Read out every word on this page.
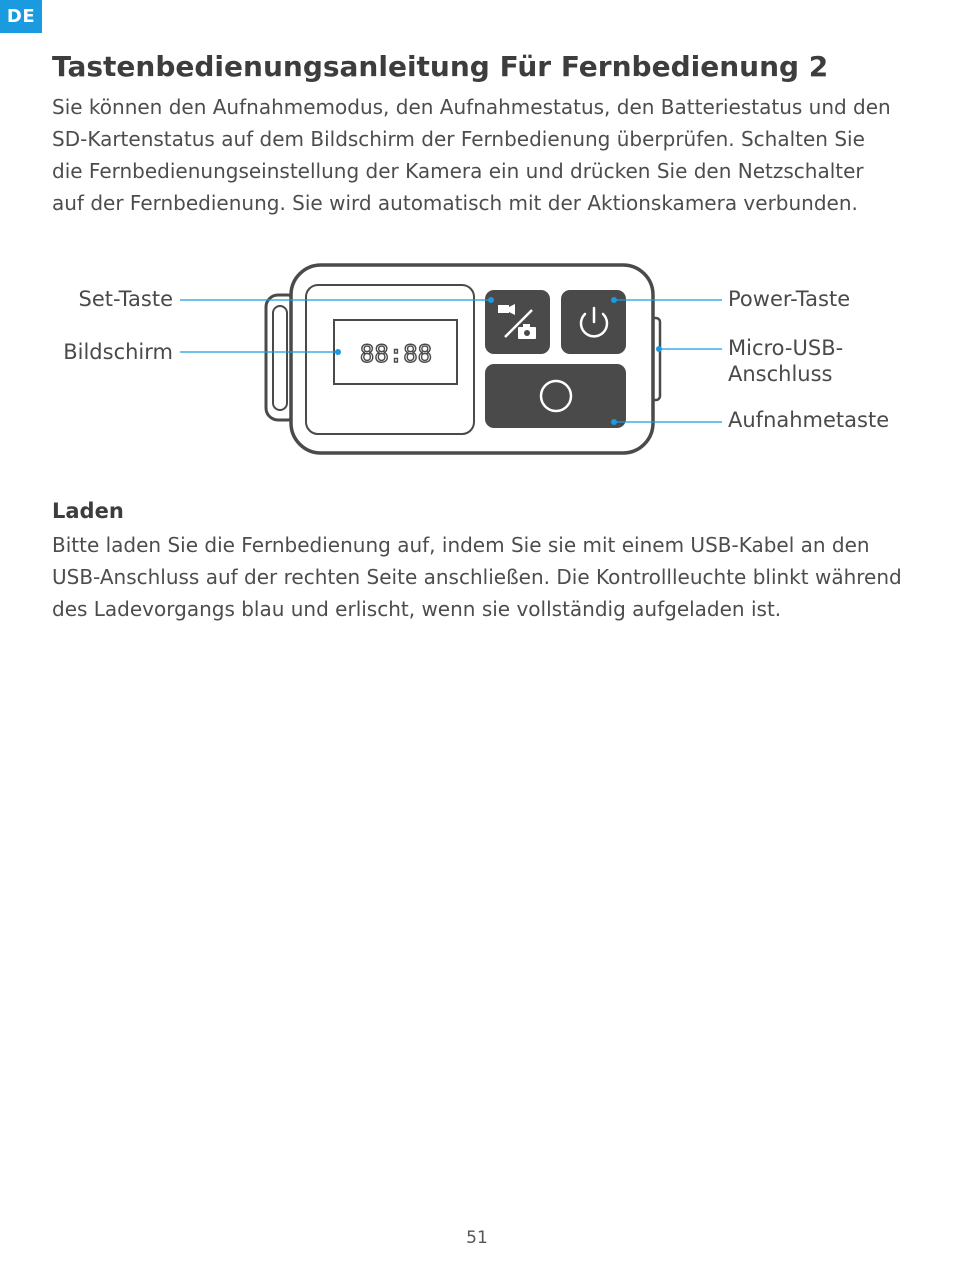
DE
Tastenbedienungsanleitung Für Fernbedienung 2

Sie können den Aufnahmemodus, den Aufnahmestatus, den Batteriestatus und den
SD-Kartenstatus auf dem Bildschirm der Fernbedienung überprüfen. Schalten Sie
die Fernbedienungseinstellung der Kamera ein und drücken Sie den Netzschalter
auf der Fernbedienung. Sie wird automatisch mit der Aktionskamera verbunden.

88:88
Set-Taste
Bildschirm
Power-Taste
Micro-USB-
Anschluss
Aufnahmetaste
Laden

Bitte laden Sie die Fernbedienung auf, indem Sie sie mit einem USB-Kabel an den
USB-Anschluss auf der rechten Seite anschließen. Die Kontrollleuchte blinkt während
des Ladevorgangs blau und erlischt, wenn sie vollständig aufgeladen ist.

51
